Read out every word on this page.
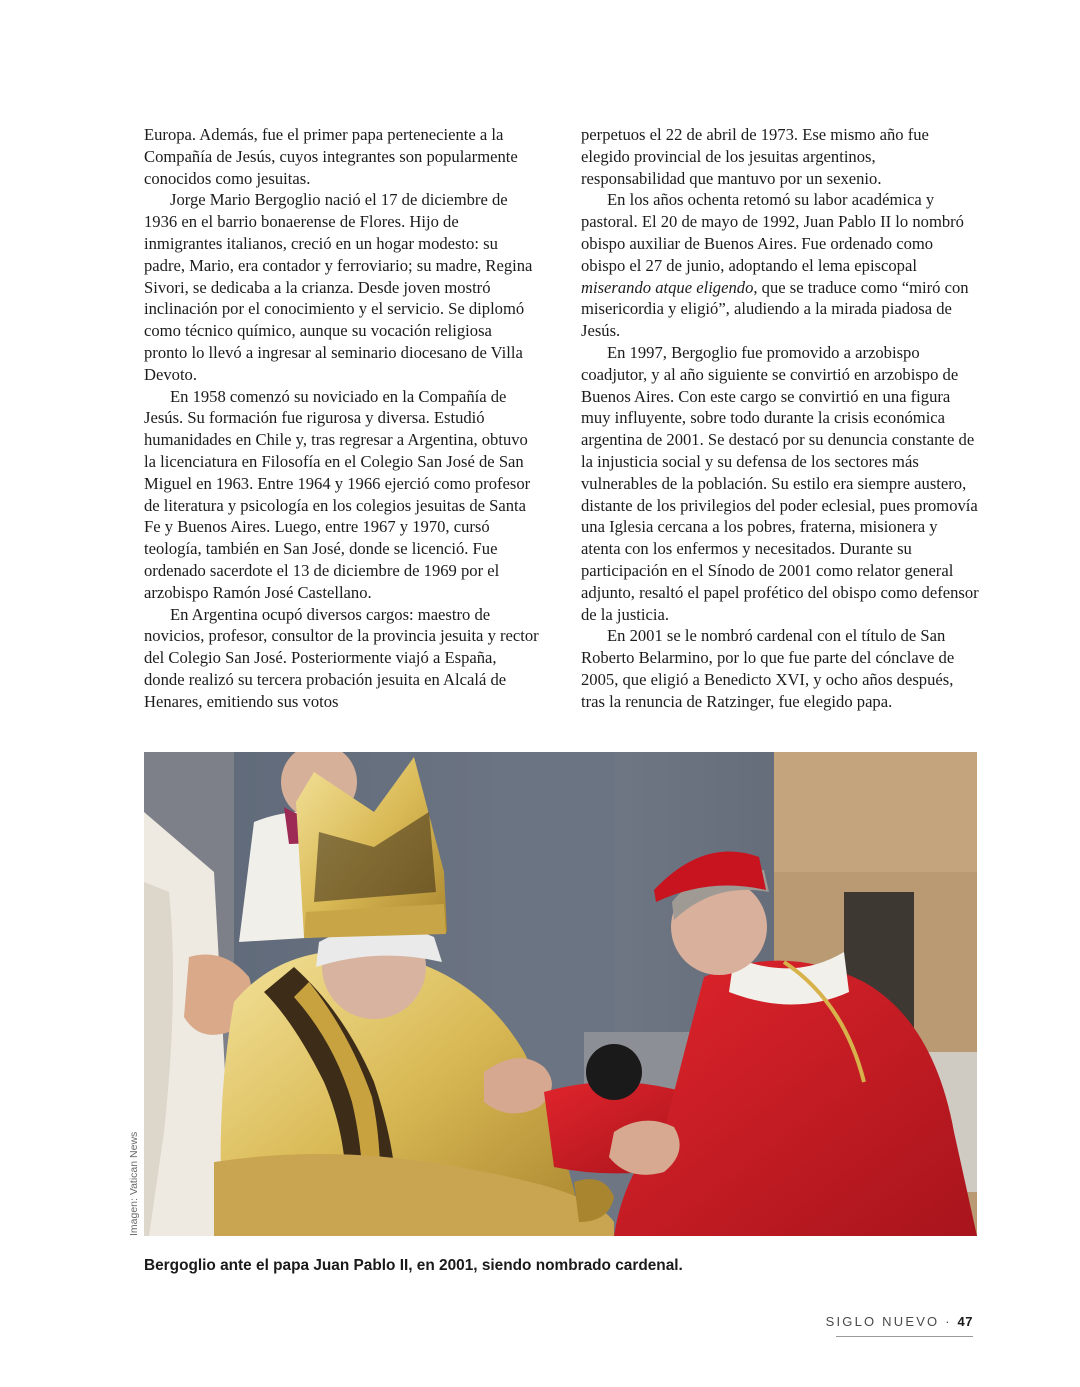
Europa. Además, fue el primer papa perteneciente a la Compañía de Jesús, cuyos integrantes son popularmente conocidos como jesuitas.

Jorge Mario Bergoglio nació el 17 de diciembre de 1936 en el barrio bonaerense de Flores. Hijo de inmigrantes italianos, creció en un hogar modesto: su padre, Mario, era contador y ferroviario; su madre, Regina Sivori, se dedicaba a la crianza. Desde joven mostró inclinación por el conocimiento y el servicio. Se diplomó como técnico químico, aunque su vocación religiosa pronto lo llevó a ingresar al seminario diocesano de Villa Devoto.

En 1958 comenzó su noviciado en la Compañía de Jesús. Su formación fue rigurosa y diversa. Estudió humanidades en Chile y, tras regresar a Argentina, obtuvo la licenciatura en Filosofía en el Colegio San José de San Miguel en 1963. Entre 1964 y 1966 ejerció como profesor de literatura y psicología en los colegios jesuitas de Santa Fe y Buenos Aires. Luego, entre 1967 y 1970, cursó teología, también en San José, donde se licenció. Fue ordenado sacerdote el 13 de diciembre de 1969 por el arzobispo Ramón José Castellano.

En Argentina ocupó diversos cargos: maestro de novicios, profesor, consultor de la provincia jesuita y rector del Colegio San José. Posteriormente viajó a España, donde realizó su tercera probación jesuita en Alcalá de Henares, emitiendo sus votos

perpetuos el 22 de abril de 1973. Ese mismo año fue elegido provincial de los jesuitas argentinos, responsabilidad que mantuvo por un sexenio.

En los años ochenta retomó su labor académica y pastoral. El 20 de mayo de 1992, Juan Pablo II lo nombró obispo auxiliar de Buenos Aires. Fue ordenado como obispo el 27 de junio, adoptando el lema episcopal miserando atque eligendo, que se traduce como “miró con misericordia y eligió”, aludiendo a la mirada piadosa de Jesús.

En 1997, Bergoglio fue promovido a arzobispo coadjutor, y al año siguiente se convirtió en arzobispo de Buenos Aires. Con este cargo se convirtió en una figura muy influyente, sobre todo durante la crisis económica argentina de 2001. Se destacó por su denuncia constante de la injusticia social y su defensa de los sectores más vulnerables de la población. Su estilo era siempre austero, distante de los privilegios del poder eclesial, pues promovía una Iglesia cercana a los pobres, fraterna, misionera y atenta con los enfermos y necesitados. Durante su participación en el Sínodo de 2001 como relator general adjunto, resaltó el papel profético del obispo como defensor de la justicia.

En 2001 se le nombró cardenal con el título de San Roberto Belarmino, por lo que fue parte del cónclave de 2005, que eligió a Benedicto XVI, y ocho años después, tras la renuncia de Ratzinger, fue elegido papa.

Imagen: Vatican News
Bergoglio ante el papa Juan Pablo II, en 2001, siendo nombrado cardenal.
SIGLO NUEVO · 47
